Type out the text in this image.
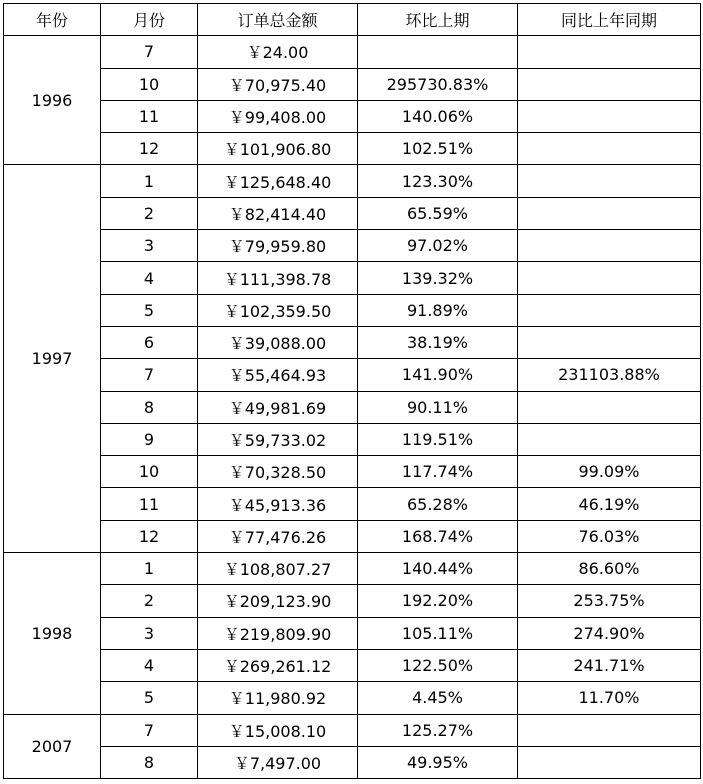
年份	月份	订单总金额	环比上期	同比上年同期
1996	7	￥24.00		
	10	￥70,975.40	295730.83%	
	11	￥99,408.00	140.06%	
	12	￥101,906.80	102.51%	
1997	1	￥125,648.40	123.30%	
	2	￥82,414.40	65.59%	
	3	￥79,959.80	97.02%	
	4	￥111,398.78	139.32%	
	5	￥102,359.50	91.89%	
	6	￥39,088.00	38.19%	
	7	￥55,464.93	141.90%	231103.88%
	8	￥49,981.69	90.11%	
	9	￥59,733.02	119.51%	
	10	￥70,328.50	117.74%	99.09%
	11	￥45,913.36	65.28%	46.19%
	12	￥77,476.26	168.74%	76.03%
1998	1	￥108,807.27	140.44%	86.60%
	2	￥209,123.90	192.20%	253.75%
	3	￥219,809.90	105.11%	274.90%
	4	￥269,261.12	122.50%	241.71%
	5	￥11,980.92	4.45%	11.70%
2007	7	￥15,008.10	125.27%	
	8	￥7,497.00	49.95%	
